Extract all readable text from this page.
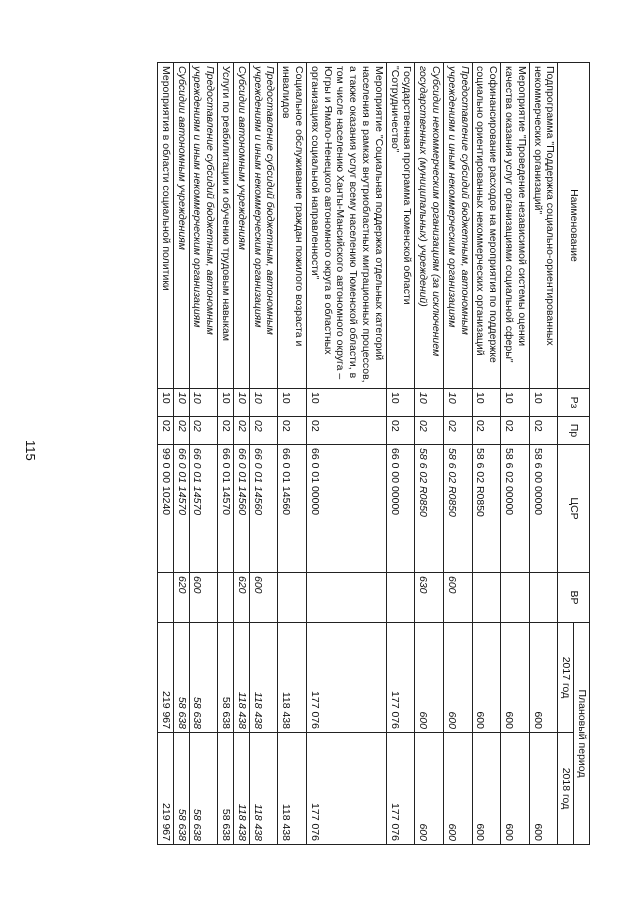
115
Наименование	Рз	Пр	ЦСР	ВР	Плановый период	
					2017 год	2018 год
Подпрограмма "Поддержка социально-ориентированных некоммерческих организаций"	10	02	58 6 00 00000		600	600
Мероприятие "Проведение независимой системы оценки качества оказания услуг организациями социальной сферы"	10	02	58 6 02 00000		600	600
Софинансирование расходов на мероприятия по поддержке социально ориентированных некоммерческих организаций	10	02	58 6 02 R0850		600	600
Предоставление субсидий бюджетным, автономным учреждениям и иным некоммерческим организациям	10	02	58 6 02 R0850	600	600	600
Субсидии некоммерческим организациям (за исключением государственных (муниципальных) учреждений)	10	02	58 6 02 R0850	630	600	600
Государственная программа Тюменской области "Сотрудничество"	10	02	66 0 00 00000		177 076	177 076
Мероприятие "Социальная поддержка отдельных категорий населения в рамках внутриобластных миграционных процессов, а также оказания услуг всему населению Тюменской области, в том числе населению Ханты-Мансийского автономного округа – Югры и Ямало-Ненецкого автономного округа в областных организациях социальной направленности"	10	02	66 0 01 00000		177 076	177 076
Социальное обслуживание граждан пожилого возраста и инвалидов	10	02	66 0 01 14560		118 438	118 438
Предоставление субсидий бюджетным, автономным учреждениям и иным некоммерческим организациям	10	02	66 0 01 14560	600	118 438	118 438
Субсидии автономным учреждениям	10	02	66 0 01 14560	620	118 438	118 438
Услуги по реабилитации и обучению трудовым навыкам	10	02	66 0 01 14570		58 638	58 638
Предоставление субсидий бюджетным, автономным учреждениям и иным некоммерческим организациям	10	02	66 0 01 14570	600	58 638	58 638
Субсидии автономным учреждениям	10	02	66 0 01 14570	620	58 638	58 638
Мероприятия в области социальной политики	10	02	99 0 00 10240		219 967	219 967
